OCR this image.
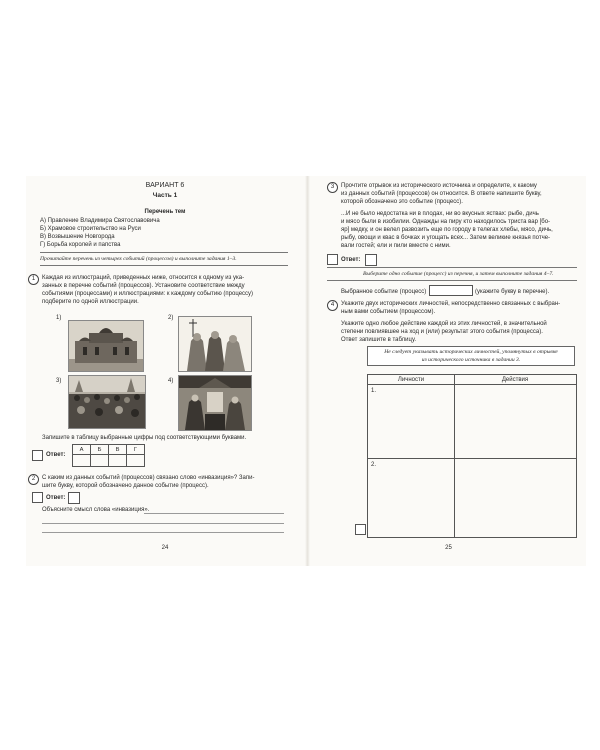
ВАРИАНТ 6
Часть 1
Перечень тем
А) Правление Владимира Святославовича
Б) Храмовое строительство на Руси
В) Возвышение Новгорода
Г) Борьба королей и папства
Прочитайте перечень из четырех событий (процессов) и выполните задания 1–3.
1	Каждая из иллюстраций, приведенных ниже, относится к одному из ука-
занных в перечне событий (процессов). Установите соответствие между
событиями (процессами) и иллюстрациями: к каждому событию (процессу)
подберите по одной иллюстрации.
1)	2)
3)	4)
Запишите в таблицу выбранные цифры под соответствующими буквами.
Ответ:
А	Б	В	Г

2	С каким из данных событий (процессов) связано слово «инвазиция»? Запи-
шите букву, которой обозначено данное событие (процесс).
Ответ:
Объясните смысл слова «инвазиция».
24
3	Прочтите отрывок из исторического источника и определите, к какому
из данных событий (процессов) он относится. В ответе напишите букву,
которой обозначено это событие (процесс).
...И не было недостатка ни в плодах, ни во вкусных яствах: рыбе, дичь
и мясо были в изобилии. Однажды на пиру кто находилось триста вар [бо-
яр] медку, и он велел развозить еще по городу в телегах хлебы, мясо, дичь,
рыбу, овощи и квас в бочках и угощать всех... Затем великие князья потче-
вали гостей; ели и пили вместе с ними.
Ответ:
Выберите одно событие (процесс) из перечня, и затем выполните задания 4–7.
Выбранное событие (процесс)	(укажите букву в перечне).
4	Укажите двух исторических личностей, непосредственно связанных с выбран-
ным вами событием (процессом).
Укажите одно любое действие каждой из этих личностей, в значительной
степени повлиявшее на ход и (или) результат этого события (процесса).
Ответ запишите в таблицу.
Не следует указывать исторических личностей, упомянутых в отрывке
из исторического источника в задании 3.
Личности	Действия
1.
2.
25
